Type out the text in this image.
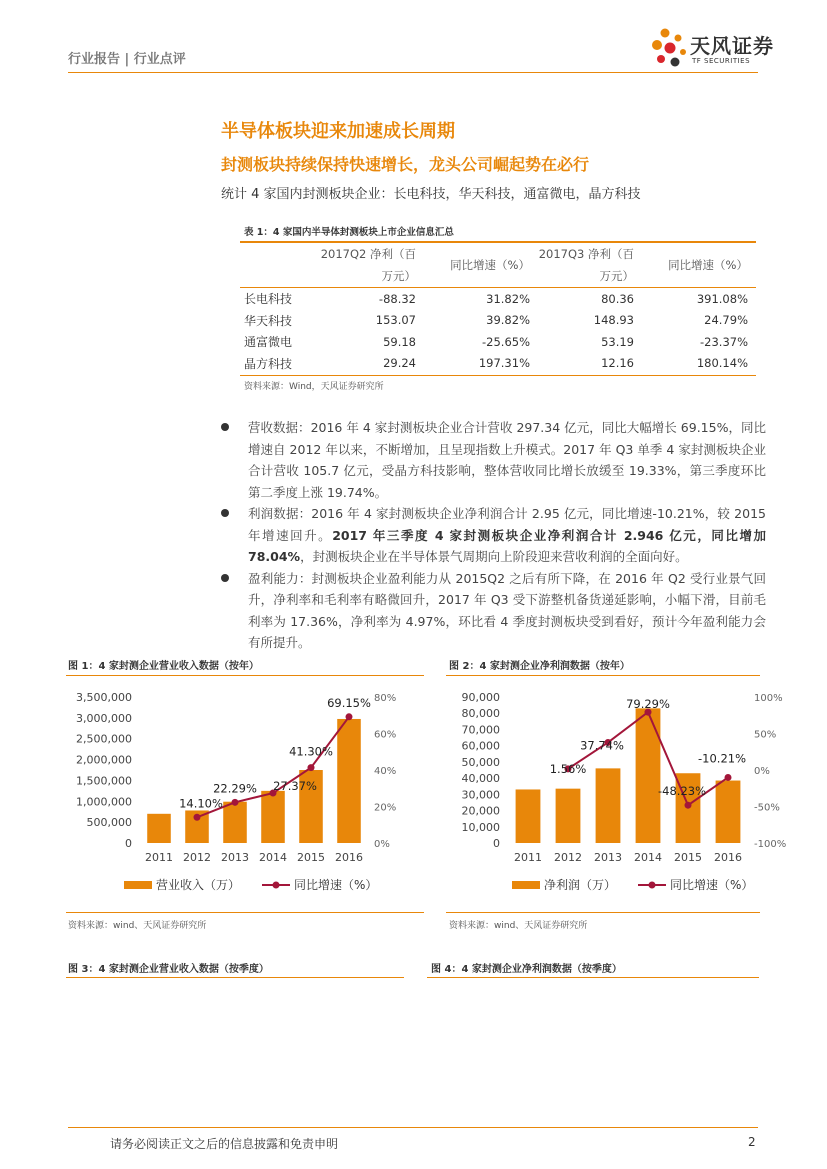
行业报告 | 行业点评
天风证券
TF SECURITIES
半导体板块迎来加速成长周期
封测板块持续保持快速增长，龙头公司崛起势在必行
统计 4 家国内封测板块企业：长电科技，华天科技，通富微电，晶方科技
表 1：4 家国内半导体封测板块上市企业信息汇总
	2017Q2 净利（百万元）	同比增速（%）	2017Q3 净利（百万元）	同比增速（%）
长电科技	-88.32	31.82%	80.36	391.08%
华天科技	153.07	39.82%	148.93	24.79%
通富微电	59.18	-25.65%	53.19	-23.37%
晶方科技	29.24	197.31%	12.16	180.14%
资料来源：Wind，天风证券研究所
营收数据：2016 年 4 家封测板块企业合计营收 297.34 亿元，同比大幅增长 69.15%，同比增速自 2012 年以来，不断增加，且呈现指数上升模式。2017 年 Q3 单季 4 家封测板块企业合计营收 105.7 亿元，受晶方科技影响，整体营收同比增长放缓至 19.33%，第三季度环比第二季度上涨 19.74%。
利润数据：2016 年 4 家封测板块企业净利润合计 2.95 亿元，同比增速-10.21%，较 2015 年增速回升。2017 年三季度 4 家封测板块企业净利润合计 2.946 亿元，同比增加 78.04%，封测板块企业在半导体景气周期向上阶段迎来营收利润的全面向好。
盈利能力：封测板块企业盈利能力从 2015Q2 之后有所下降，在 2016 年 Q2 受行业景气回升，净利率和毛利率有略微回升，2017 年 Q3 受下游整机备货递延影响，小幅下滑，目前毛利率为 17.36%，净利率为 4.97%，环比看 4 季度封测板块受到看好，预计今年盈利能力会有所提升。
图 1：4 家封测企业营业收入数据（按年）	图 2：4 家封测企业净利润数据（按年）
3,500,000
3,000,000
2,500,000
2,000,000
1,500,000
1,000,000
500,000
0
80%
60%
40%
20%
0%
2011 2012 2013 2014 2015 2016
14.10%
22.29% 27.37%
41.30%
69.15%
营业收入（万）	同比增速（%）
90,000
80,000
70,000
60,000
50,000
40,000
30,000
20,000
10,000
0
100%
50%
0%
-50%
-100%
2011 2012 2013 2014 2015 2016
1.56%
37.74%
79.29%
-48.23%
-10.21%
净利润（万）	同比增速（%）
资料来源：wind、天风证券研究所	资料来源：wind、天风证券研究所
图 3：4 家封测企业营业收入数据（按季度）	图 4：4 家封测企业净利润数据（按季度）
请务必阅读正文之后的信息披露和免责申明	2
